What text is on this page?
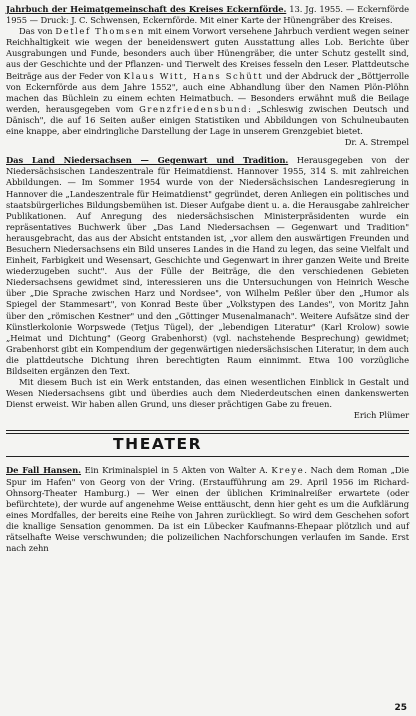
Jahrbuch der Heimatgemeinschaft des Kreises Eckernförde. 13. Jg. 1955. — Eckernförde 1955 — Druck: J. C. Schwensen, Eckernförde. Mit einer Karte der Hünengräber des Kreises.

Das von Detlef Thomsen mit einem Vorwort versehene Jahrbuch verdient wegen seiner Reichhaltigkeit wie wegen der beneidenswert guten Ausstattung alles Lob. Berichte über Ausgrabungen und Funde, besonders auch über Hünengräber, die unter Schutz gestellt sind, aus der Geschichte und der Pflanzen- und Tierwelt des Kreises fesseln den Leser. Plattdeutsche Beiträge aus der Feder von Klaus Witt, Hans Schütt und der Abdruck der „Böttjerrolle von Eckernförde aus dem Jahre 1552", auch eine Abhandlung über den Namen Plön-Plöhn machen das Büchlein zu einem echten Heimatbuch. — Besonders erwähnt muß die Beilage werden, herausgegeben vom Grenzfriedensbund: „Schleswig zwischen Deutsch und Dänisch", die auf 16 Seiten außer einigen Statistiken und Abbildungen von Schulneubauten eine knappe, aber eindringliche Darstellung der Lage in unserem Grenzgebiet bietet.

Dr. A. Strempel

Das Land Niedersachsen — Gegenwart und Tradition. Herausgegeben von der Niedersächsischen Landeszentrale für Heimatdienst. Hannover 1955, 314 S. mit zahlreichen Abbildungen. — Im Sommer 1954 wurde von der Niedersächsischen Landesregierung in Hannover die „Landeszentrale für Heimatdienst" gegründet, deren Anliegen ein politisches und staatsbürgerliches Bildungsbemühen ist. Dieser Aufgabe dient u. a. die Herausgabe zahlreicher Publikationen. Auf Anregung des niedersächsischen Ministerpräsidenten wurde ein repräsentatives Buchwerk über „Das Land Niedersachsen — Gegenwart und Tradition" herausgebracht, das aus der Absicht entstanden ist, „vor allem den auswärtigen Freunden und Besuchern Niedersachsens ein Bild unseres Landes in die Hand zu legen, das seine Vielfalt und Einheit, Farbigkeit und Wesensart, Geschichte und Gegenwart in ihrer ganzen Weite und Breite wiederzugeben sucht". Aus der Fülle der Beiträge, die den verschiedenen Gebieten Niedersachsens gewidmet sind, interessieren uns die Untersuchungen von Heinrich Wesche über „Die Sprache zwischen Harz und Nordsee", von Wilhelm Peßler über den „Humor als Spiegel der Stammesart", von Konrad Beste über „Volkstypen des Landes", von Moritz Jahn über den „römischen Kestner" und den „Göttinger Musenalmanach". Weitere Aufsätze sind der Künstlerkolonie Worpswede (Tetjus Tügel), der „lebendigen Literatur" (Karl Krolow) sowie „Heimat und Dichtung" (Georg Grabenhorst) (vgl. nachstehende Besprechung) gewidmet; Grabenhorst gibt ein Kompendium der gegenwärtigen niedersächsischen Literatur, in dem auch die plattdeutsche Dichtung ihren berechtigten Raum einnimmt. Etwa 100 vorzügliche Bildseiten ergänzen den Text.

Mit diesem Buch ist ein Werk entstanden, das einen wesentlichen Einblick in Gestalt und Wesen Niedersachsens gibt und überdies auch dem Niederdeutschen einen dankenswerten Dienst erweist. Wir haben allen Grund, uns dieser prächtigen Gabe zu freuen.

Erich Plümer

THEATER

De Fall Hansen. Ein Kriminalspiel in 5 Akten von Walter A. Kreye. Nach dem Roman „Die Spur im Hafen" von Georg von der Vring. (Erstaufführung am 29. April 1956 im Richard-Ohnsorg-Theater Hamburg.) — Wer einen der üblichen Kriminalreißer erwartete (oder befürchtete), der wurde auf angenehme Weise enttäuscht, denn hier geht es um die Aufklärung eines Mordfalles, der bereits eine Reihe von Jahren zurückliegt. So wird dem Geschehen sofort die knallige Sensation genommen. Da ist ein Lübecker Kaufmanns-Ehepaar plötzlich und auf rätselhafte Weise verschwunden; die polizeilichen Nachforschungen verlaufen im Sande. Erst nach zehn

25
